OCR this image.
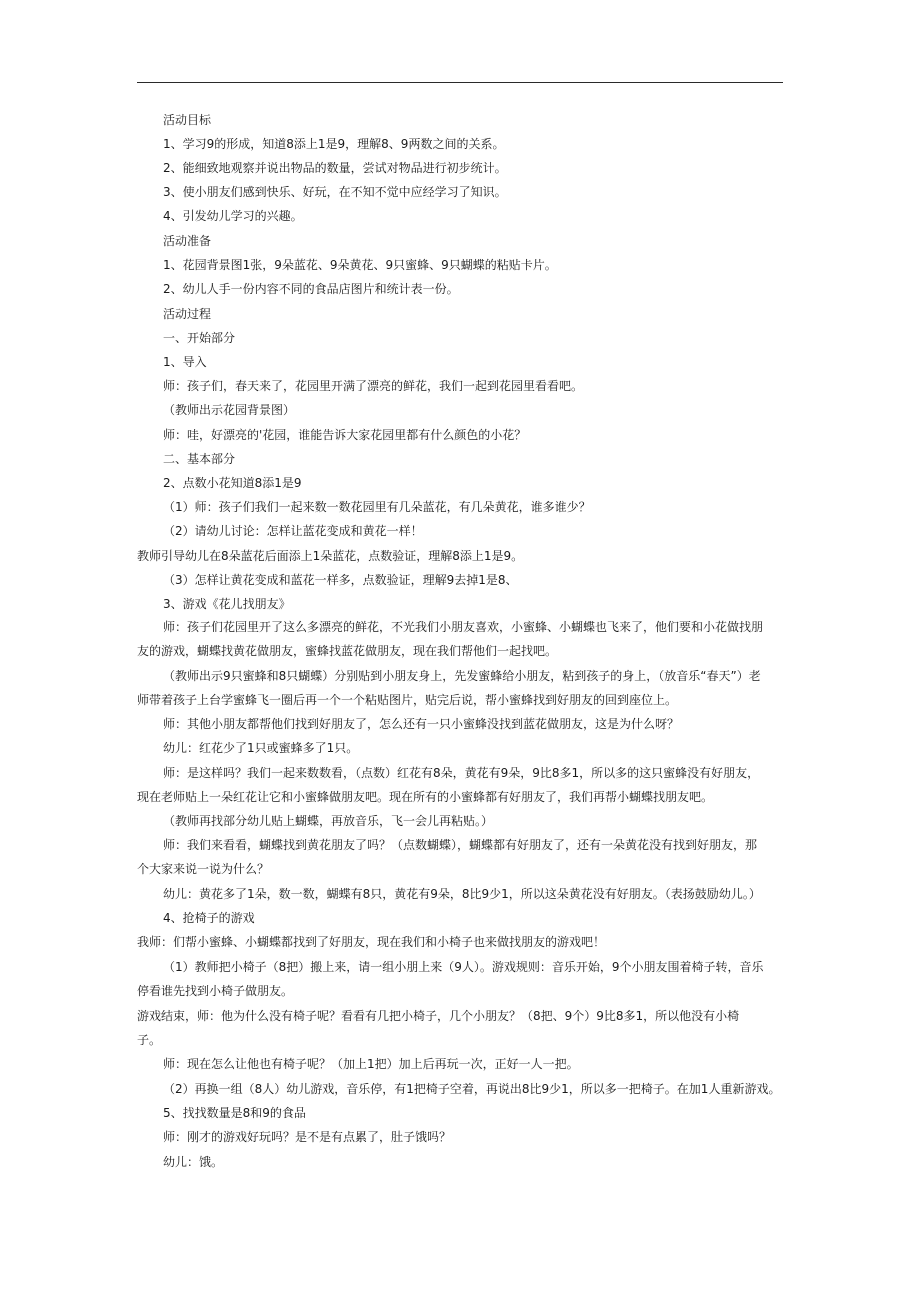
活动目标
1、学习9的形成，知道8添上1是9，理解8、9两数之间的关系。
2、能细致地观察并说出物品的数量，尝试对物品进行初步统计。
3、使小朋友们感到快乐、好玩，在不知不觉中应经学习了知识。
4、引发幼儿学习的兴趣。
活动准备
1、花园背景图1张，9朵蓝花、9朵黄花、9只蜜蜂、9只蝴蝶的粘贴卡片。
2、幼儿人手一份内容不同的食品店图片和统计表一份。
活动过程
一、开始部分
1、导入
师：孩子们，春天来了，花园里开满了漂亮的鲜花，我们一起到花园里看看吧。
（教师出示花园背景图）
师：哇，好漂亮的'花园，谁能告诉大家花园里都有什么颜色的小花？
二、基本部分
2、点数小花知道8添1是9
（1）师：孩子们我们一起来数一数花园里有几朵蓝花，有几朵黄花，谁多谁少？
（2）请幼儿讨论：怎样让蓝花变成和黄花一样！
教师引导幼儿在8朵蓝花后面添上1朵蓝花，点数验证，理解8添上1是9。
（3）怎样让黄花变成和蓝花一样多，点数验证，理解9去掉1是8、
3、游戏《花儿找朋友》
师：孩子们花园里开了这么多漂亮的鲜花，不光我们小朋友喜欢，小蜜蜂、小蝴蝶也飞来了，他们要和小花做找朋
友的游戏，蝴蝶找黄花做朋友，蜜蜂找蓝花做朋友，现在我们帮他们一起找吧。
（教师出示9只蜜蜂和8只蝴蝶）分别贴到小朋友身上，先发蜜蜂给小朋友，粘到孩子的身上，（放音乐“春天”）老
师带着孩子上台学蜜蜂飞一圈后再一个一个粘贴图片，贴完后说，帮小蜜蜂找到好朋友的回到座位上。
师：其他小朋友都帮他们找到好朋友了，怎么还有一只小蜜蜂没找到蓝花做朋友，这是为什么呀？
幼儿：红花少了1只或蜜蜂多了1只。
师：是这样吗？我们一起来数数看，（点数）红花有8朵，黄花有9朵，9比8多1，所以多的这只蜜蜂没有好朋友，
现在老师贴上一朵红花让它和小蜜蜂做朋友吧。现在所有的小蜜蜂都有好朋友了，我们再帮小蝴蝶找朋友吧。
（教师再找部分幼儿贴上蝴蝶，再放音乐，飞一会儿再粘贴。）
师：我们来看看，蝴蝶找到黄花朋友了吗？（点数蝴蝶），蝴蝶都有好朋友了，还有一朵黄花没有找到好朋友，那
个大家来说一说为什么？
幼儿：黄花多了1朵，数一数，蝴蝶有8只，黄花有9朵，8比9少1，所以这朵黄花没有好朋友。（表扬鼓励幼儿。）
4、抢椅子的游戏
我师：们帮小蜜蜂、小蝴蝶都找到了好朋友，现在我们和小椅子也来做找朋友的游戏吧！
（1）教师把小椅子（8把）搬上来，请一组小朋上来（9人）。游戏规则：音乐开始，9个小朋友围着椅子转，音乐
停看谁先找到小椅子做朋友。
游戏结束，师：他为什么没有椅子呢？看看有几把小椅子，几个小朋友？（8把、9个）9比8多1，所以他没有小椅
子。
师：现在怎么让他也有椅子呢？（加上1把）加上后再玩一次，正好一人一把。
（2）再换一组（8人）幼儿游戏，音乐停，有1把椅子空着，再说出8比9少1，所以多一把椅子。在加1人重新游戏。
5、找找数量是8和9的食品
师：刚才的游戏好玩吗？是不是有点累了，肚子饿吗？
幼儿：饿。
